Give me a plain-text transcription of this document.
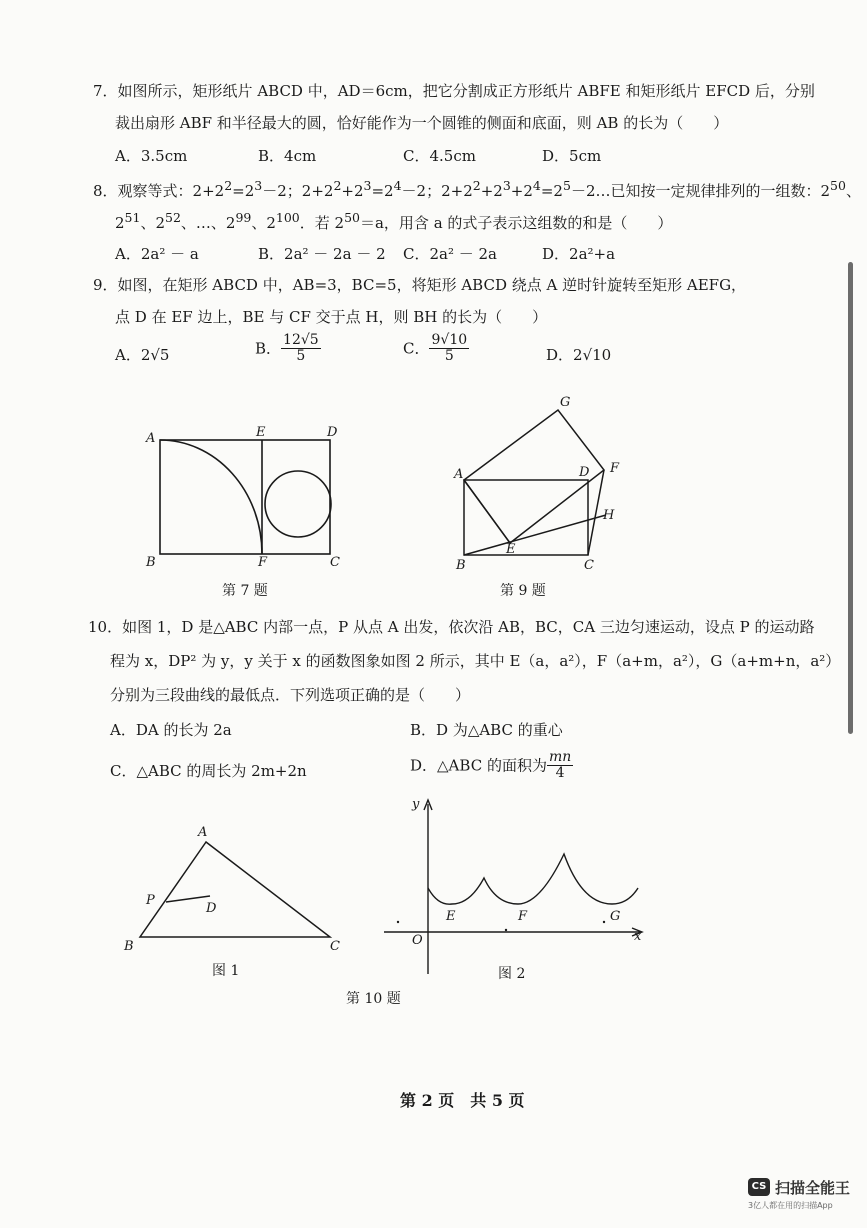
7．如图所示，矩形纸片 ABCD 中，AD＝6cm，把它分割成正方形纸片 ABFE 和矩形纸片 EFCD 后，分别
裁出扇形 ABF 和半径最大的圆，恰好能作为一个圆锥的侧面和底面，则 AB 的长为（　　）
A．3.5cm	B．4cm	C．4.5cm	D．5cm
8．观察等式：$2+2^2=2^3-2$；$2+2^2+2^3=2^4-2$；$2+2^2+2^3+2^4=2^5-2\dots$已知按一定规律排列的一组数：$2^{50}$、
$2^{51}$、$2^{52}$、…、$2^{99}$、$2^{100}$．若 $2^{50}=a$，用含 a 的式子表示这组数的和是（　　）
A．2a² － a	B．2a² － 2a － 2 C．2a² － 2a	D．2a²+a
9．如图，在矩形 ABCD 中，AB=3，BC=5，将矩形 ABCD 绕点 A 逆时针旋转至矩形 AEFG，
点 D 在 EF 边上，BE 与 CF 交于点 H，则 BH 的长为（　　）
A．2√5	B． $\frac{12√5}{5}$	C． $\frac{9√10}{5}$	D．2√10
A	E	D
B	F	C
第 7 题
G
A	D F
H
E
B	C
第 9 题
10．如图 1，D 是△ABC 内部一点，P 从点 A 出发，依次沿 AB，BC，CA 三边匀速运动，设点 P 的运动路
程为 x，DP² 为 y，y 关于 x 的函数图象如图 2 所示，其中 E（a，a²），F（a+m，a²），G（a+m+n，a²）
分别为三段曲线的最低点．下列选项正确的是（　　）
A．DA 的长为 2a	B．D 为△ABC 的重心
C．△ABC 的周长为 2m+2n	D．△ABC 的面积为 $\frac{mn}{4}$
A
P
D
B	C
图 1
y
x
O
E	F	G
图 2
第 10 题
第 2 页　共 5 页
CS 扫描全能王
3亿人都在用的扫描App
